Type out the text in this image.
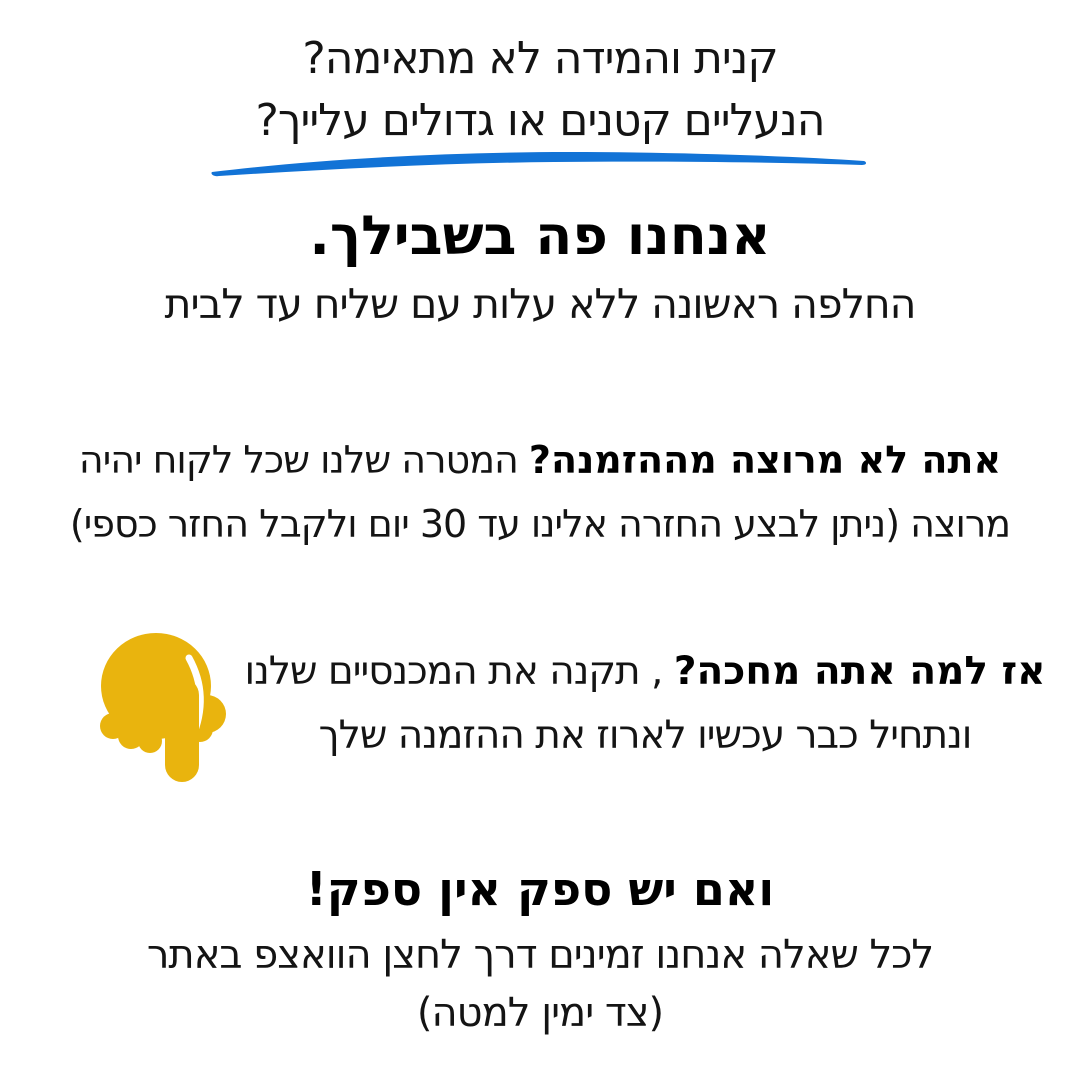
קנית והמידה לא מתאימה?
הנעליים קטנים או גדולים עלייך?
אנחנו פה בשבילך.
החלפה ראשונה ללא עלות עם שליח עד לבית
אתה לא מרוצה מההזמנה? המטרה שלנו שכל לקוח יהיה
מרוצה (ניתן לבצע החזרה אלינו עד 30 יום ולקבל החזר כספי)
אז למה אתה מחכה? , תקנה את המכנסיים שלנו
ונתחיל כבר עכשיו לארוז את ההזמנה שלך
ואם יש ספק אין ספק!
לכל שאלה אנחנו זמינים דרך לחצן הוואצפ באתר
(צד ימין למטה)
